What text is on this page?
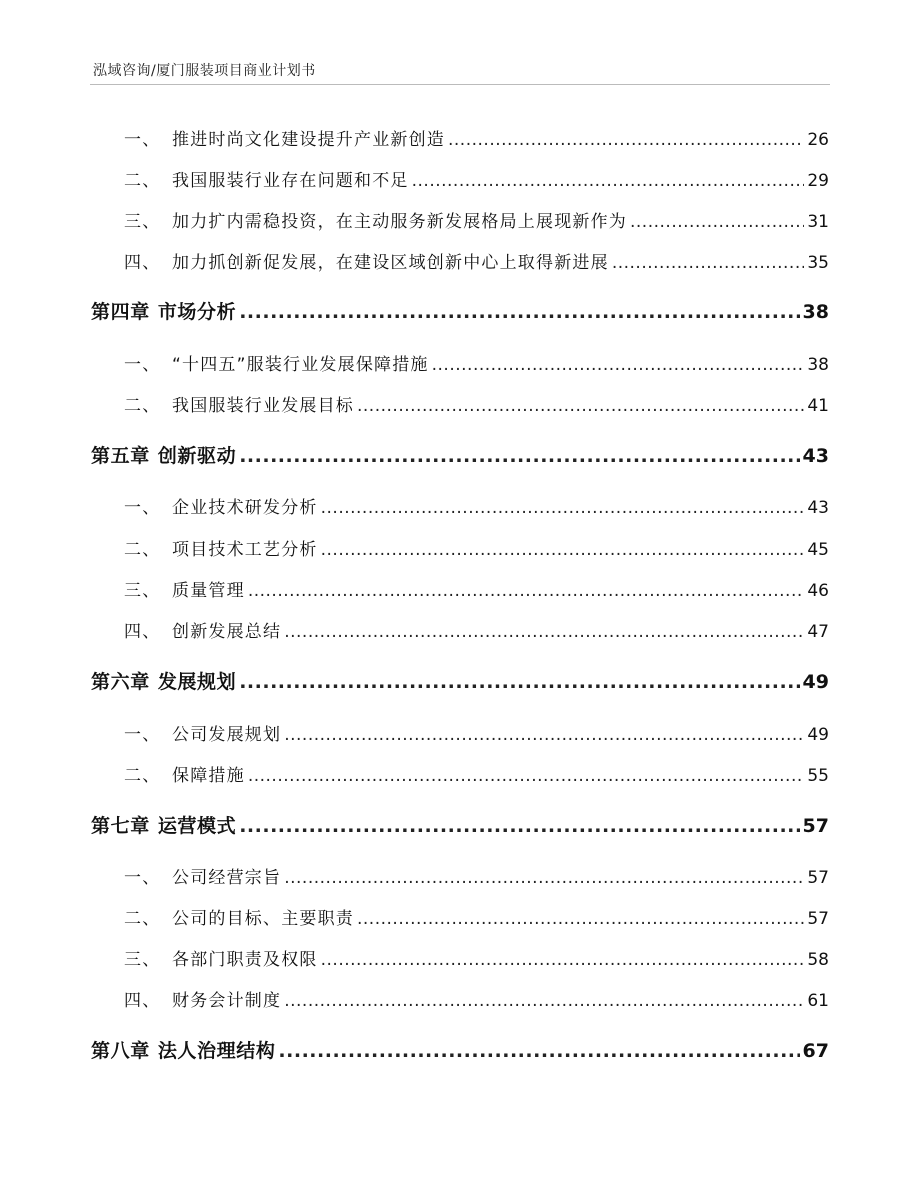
泓域咨询/厦门服装项目商业计划书
一、 推进时尚文化建设提升产业新创造 .....	26
二、 我国服装行业存在问题和不足 .....	29
三、 加力扩内需稳投资，在主动服务新发展格局上展现新作为 .....	31
四、 加力抓创新促发展，在建设区域创新中心上取得新进展 .....	35
第四章 市场分析 .....	38
一、 “十四五”服装行业发展保障措施 .....	38
二、 我国服装行业发展目标 .....	41
第五章 创新驱动 .....	43
一、 企业技术研发分析 .....	43
二、 项目技术工艺分析 .....	45
三、 质量管理 .....	46
四、 创新发展总结 .....	47
第六章 发展规划 .....	49
一、 公司发展规划 .....	49
二、 保障措施 .....	55
第七章 运营模式 .....	57
一、 公司经营宗旨 .....	57
二、 公司的目标、主要职责 .....	57
三、 各部门职责及权限 .....	58
四、 财务会计制度 .....	61
第八章 法人治理结构 .....	67
